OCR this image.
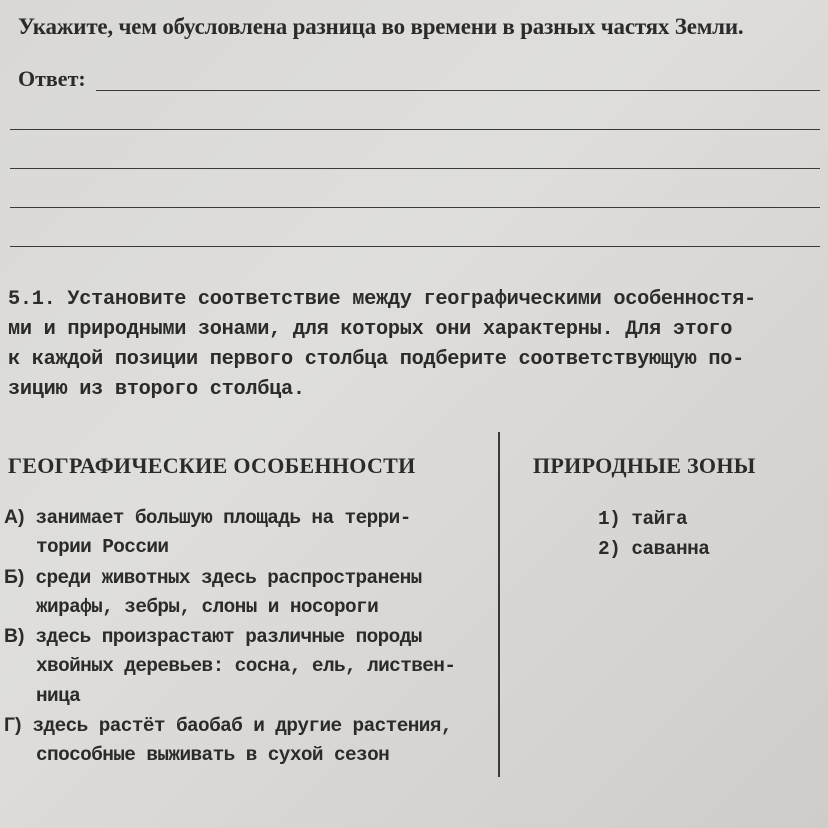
Укажите, чем обусловлена разница во времени в разных частях Земли.
Ответ:
5.1. Установите соответствие между географическими особенностя-
ми и природными зонами, для которых они характерны. Для этого
к каждой позиции первого столбца подберите соответствующую по-
зицию из второго столбца.
ГЕОГРАФИЧЕСКИЕ ОСОБЕННОСТИ	ПРИРОДНЫЕ ЗОНЫ
А) занимает большую площадь на терри-
тории России
Б) среди животных здесь распространены
жирафы, зебры, слоны и носороги
В) здесь произрастают различные породы
хвойных деревьев: сосна, ель, листвен-
ница
Г) здесь растёт баобаб и другие растения,
способные выживать в сухой сезон
1) тайга
2) саванна
